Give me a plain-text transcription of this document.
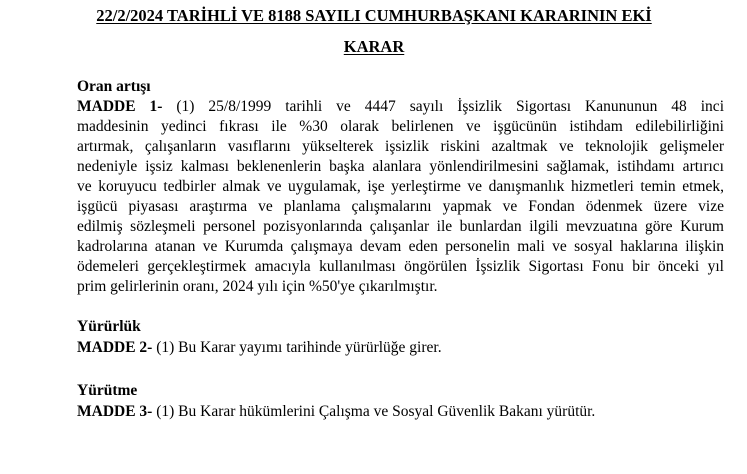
22/2/2024 TARİHLİ VE 8188 SAYILI CUMHURBAŞKANI KARARININ EKİ
KARAR
Oran artışı
MADDE 1- (1) 25/8/1999 tarihli ve 4447 sayılı İşsizlik Sigortası Kanununun 48 inci
maddesinin yedinci fıkrası ile %30 olarak belirlenen ve işgücünün istihdam edilebilirliğini
artırmak, çalışanların vasıflarını yükselterek işsizlik riskini azaltmak ve teknolojik gelişmeler
nedeniyle işsiz kalması beklenenlerin başka alanlara yönlendirilmesini sağlamak, istihdamı artırıcı
ve koruyucu tedbirler almak ve uygulamak, işe yerleştirme ve danışmanlık hizmetleri temin etmek,
işgücü piyasası araştırma ve planlama çalışmalarını yapmak ve Fondan ödenmek üzere vize
edilmiş sözleşmeli personel pozisyonlarında çalışanlar ile bunlardan ilgili mevzuatına göre Kurum
kadrolarına atanan ve Kurumda çalışmaya devam eden personelin mali ve sosyal haklarına ilişkin
ödemeleri gerçekleştirmek amacıyla kullanılması öngörülen İşsizlik Sigortası Fonu bir önceki yıl
prim gelirlerinin oranı, 2024 yılı için %50'ye çıkarılmıştır.
Yürürlük
MADDE 2- (1) Bu Karar yayımı tarihinde yürürlüğe girer.
Yürütme
MADDE 3- (1) Bu Karar hükümlerini Çalışma ve Sosyal Güvenlik Bakanı yürütür.
